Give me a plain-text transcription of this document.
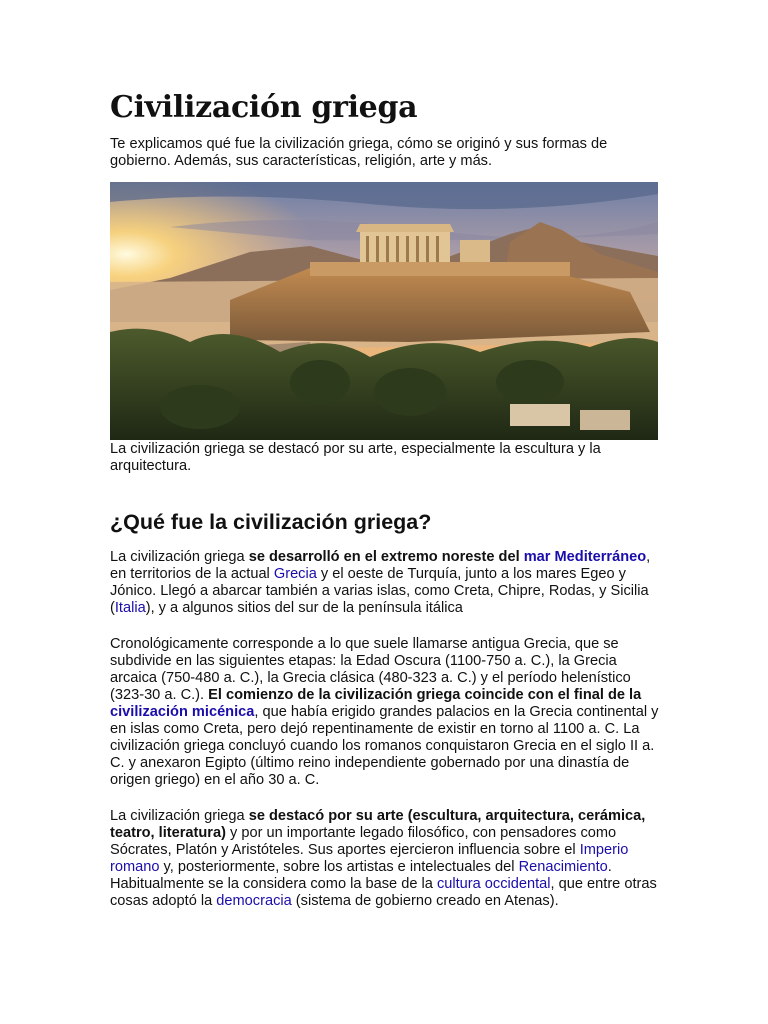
Civilización griega

Te explicamos qué fue la civilización griega, cómo se originó y sus formas de gobierno. Además, sus características, religión, arte y más.

La civilización griega se destacó por su arte, especialmente la escultura y la arquitectura.

¿Qué fue la civilización griega?

La civilización griega se desarrolló en el extremo noreste del mar Mediterráneo, en territorios de la actual Grecia y el oeste de Turquía, junto a los mares Egeo y Jónico. Llegó a abarcar también a varias islas, como Creta, Chipre, Rodas, y Sicilia (Italia), y a algunos sitios del sur de la península itálica

Cronológicamente corresponde a lo que suele llamarse antigua Grecia, que se subdivide en las siguientes etapas: la Edad Oscura (1100-750 a. C.), la Grecia arcaica (750-480 a. C.), la Grecia clásica (480-323 a. C.) y el período helenístico (323-30 a. C.). El comienzo de la civilización griega coincide con el final de la civilización micénica, que había erigido grandes palacios en la Grecia continental y en islas como Creta, pero dejó repentinamente de existir en torno al 1100 a. C. La civilización griega concluyó cuando los romanos conquistaron Grecia en el siglo II a. C. y anexaron Egipto (último reino independiente gobernado por una dinastía de origen griego) en el año 30 a. C.

La civilización griega se destacó por su arte (escultura, arquitectura, cerámica, teatro, literatura) y por un importante legado filosófico, con pensadores como Sócrates, Platón y Aristóteles. Sus aportes ejercieron influencia sobre el Imperio romano y, posteriormente, sobre los artistas e intelectuales del Renacimiento. Habitualmente se la considera como la base de la cultura occidental, que entre otras cosas adoptó la democracia (sistema de gobierno creado en Atenas).
